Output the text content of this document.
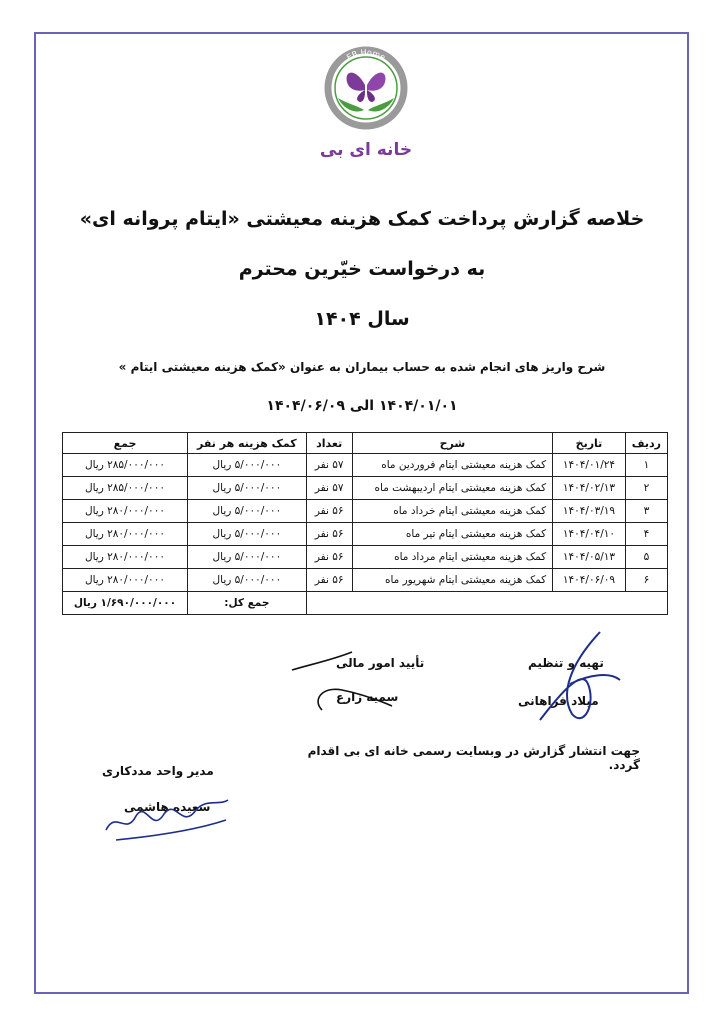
EB Home
خانه ای بی
خلاصه گزارش پرداخت کمک هزینه معیشتی «ایتام پروانه ای»
به درخواست خیّرین محترم
سال ۱۴۰۴
شرح واریز های انجام شده به حساب بیماران به عنوان «کمک هزینه معیشتی ایتام »
۱۴۰۴/۰۱/۰۱ الی ۱۴۰۴/۰۶/۰۹
ردیف	تاریخ	شرح	تعداد	کمک هزینه هر نفر	جمع
۱	۱۴۰۴/۰۱/۲۴	کمک هزینه معیشتی ایتام فروردین ماه	۵۷ نفر	۵/۰۰۰/۰۰۰ ریال	۲۸۵/۰۰۰/۰۰۰ ریال
۲	۱۴۰۴/۰۲/۱۳	کمک هزینه معیشتی ایتام اردیبهشت ماه	۵۷ نفر	۵/۰۰۰/۰۰۰ ریال	۲۸۵/۰۰۰/۰۰۰ ریال
۳	۱۴۰۴/۰۳/۱۹	کمک هزینه معیشتی ایتام خرداد ماه	۵۶ نفر	۵/۰۰۰/۰۰۰ ریال	۲۸۰/۰۰۰/۰۰۰ ریال
۴	۱۴۰۴/۰۴/۱۰	کمک هزینه معیشتی ایتام تیر ماه	۵۶ نفر	۵/۰۰۰/۰۰۰ ریال	۲۸۰/۰۰۰/۰۰۰ ریال
۵	۱۴۰۴/۰۵/۱۳	کمک هزینه معیشتی ایتام مرداد ماه	۵۶ نفر	۵/۰۰۰/۰۰۰ ریال	۲۸۰/۰۰۰/۰۰۰ ریال
۶	۱۴۰۴/۰۶/۰۹	کمک هزینه معیشتی ایتام شهریور ماه	۵۶ نفر	۵/۰۰۰/۰۰۰ ریال	۲۸۰/۰۰۰/۰۰۰ ریال
				جمع کل:	۱/۶۹۰/۰۰۰/۰۰۰ ریال
تهیه و تنظیم
میلاد فراهانی
تأیید امور مالی
سمیه زارع
مدیر واحد مددکاری
سعیده هاشمی
جهت انتشار گزارش در وبسایت رسمی خانه ای بی اقدام گردد.
